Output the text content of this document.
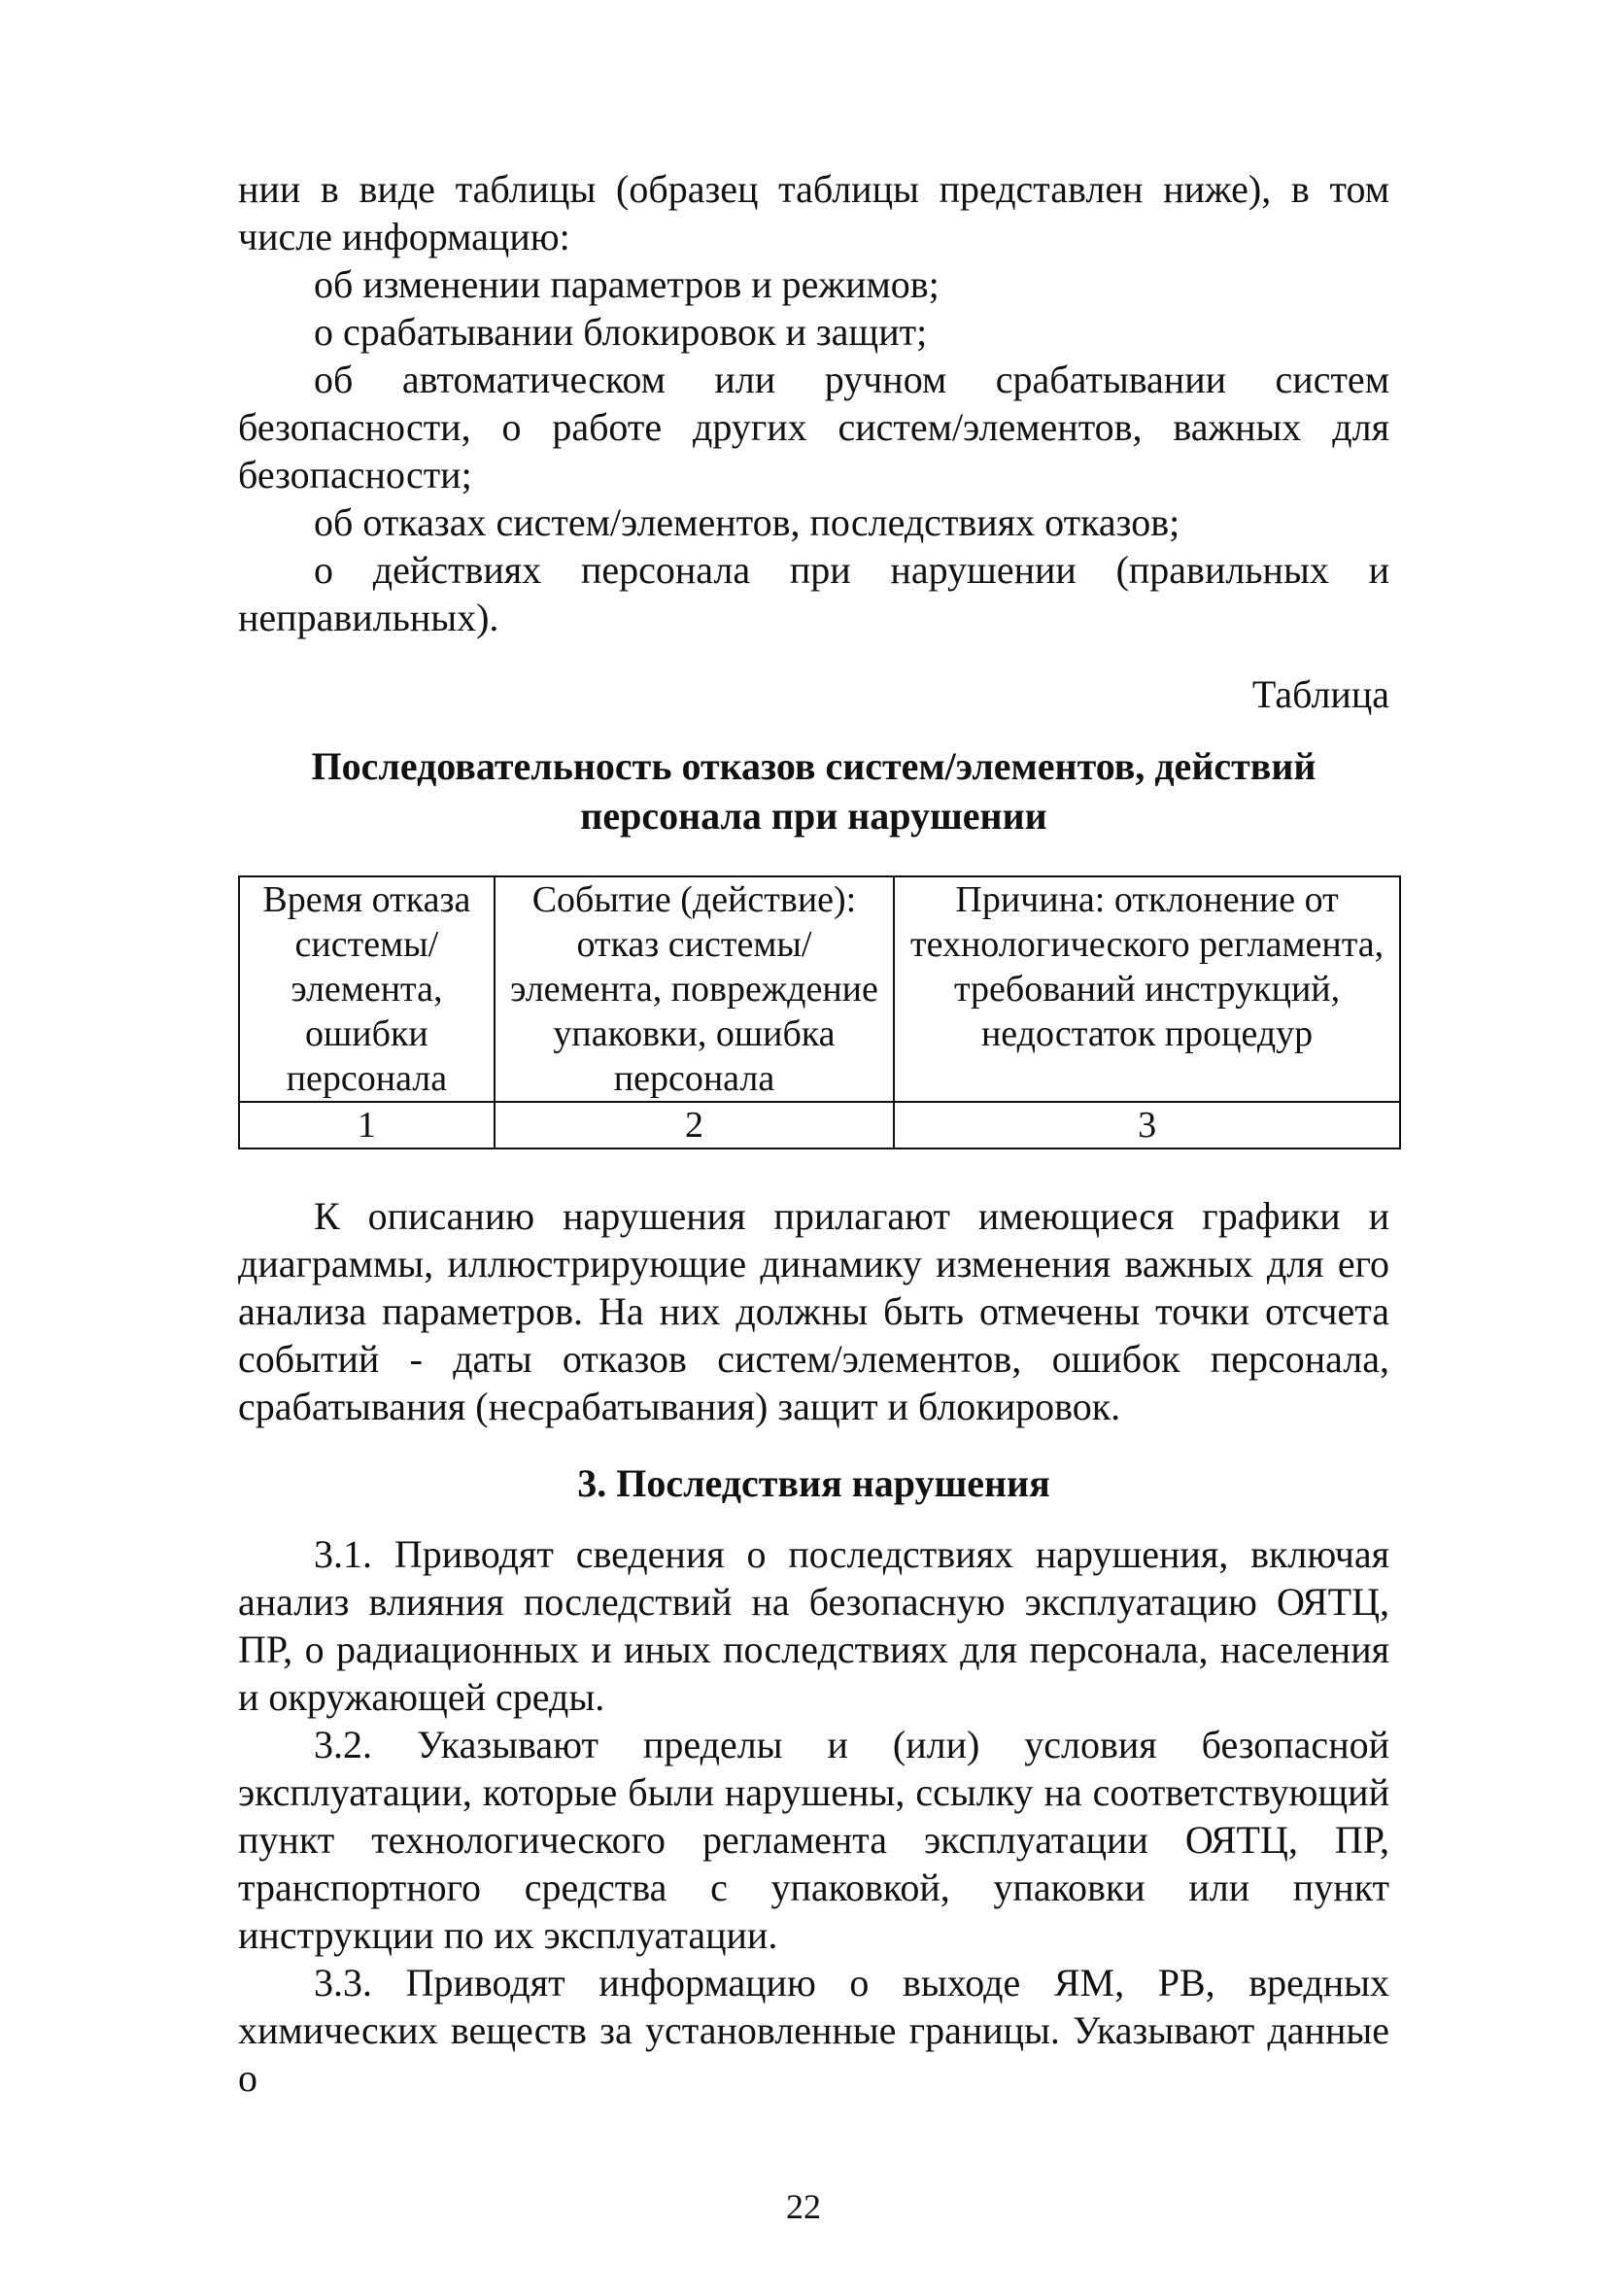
нии в виде таблицы (образец таблицы представлен ниже), в том числе информацию:

об изменении параметров и режимов;

о срабатывании блокировок и защит;

об автоматическом или ручном срабатывании систем безопасности, о работе других систем/элементов, важных для безопасности;

об отказах систем/элементов, последствиях отказов;

о действиях персонала при нарушении (правильных и неправильных).

Таблица

Последовательность отказов систем/элементов, действий
персонала при нарушении
Время отказа системы/ элемента, ошибки персонала	Событие (действие): отказ системы/ элемента, повреждение упаковки, ошибка персонала	Причина: отклонение от технологического регламента, требований инструкций, недостаток процедур
1	2	3

К описанию нарушения прилагают имеющиеся графики и диаграммы, иллюстрирующие динамику изменения важных для его анализа параметров. На них должны быть отмечены точки отсчета событий - даты отказов систем/элементов, ошибок персонала, срабатывания (несрабатывания) защит и блокировок.

3. Последствия нарушения

3.1. Приводят сведения о последствиях нарушения, включая анализ влияния последствий на безопасную эксплуатацию ОЯТЦ, ПР, о радиационных и иных последствиях для персонала, населения и окружающей среды.

3.2. Указывают пределы и (или) условия безопасной эксплуатации, которые были нарушены, ссылку на соответствующий пункт технологического регламента эксплуатации ОЯТЦ, ПР, транспортного средства с упаковкой, упаковки или пункт инструкции по их эксплуатации.

3.3. Приводят информацию о выходе ЯМ, РВ, вредных химических веществ за установленные границы. Указывают данные о

22
